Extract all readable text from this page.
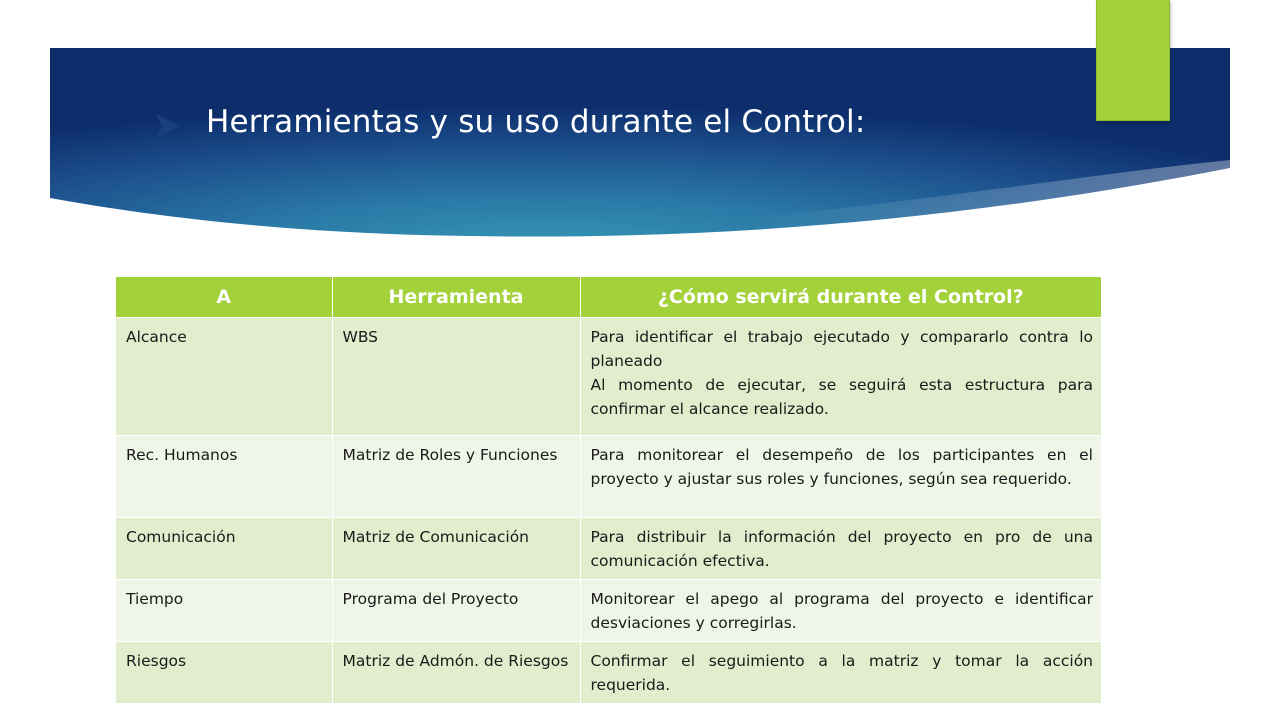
Herramientas y su uso durante el Control:
A	Herramienta	¿Cómo servirá durante el Control?
Alcance	WBS	Para identificar el trabajo ejecutado y compararlo contra lo planeado
Al momento de ejecutar, se seguirá esta estructura para confirmar el alcance realizado.

Rec. Humanos	Matriz de Roles y Funciones	Para monitorear el desempeño de los participantes en el proyecto y ajustar sus roles y funciones, según sea requerido.
Comunicación	Matriz de Comunicación	Para distribuir la información del proyecto en pro de una comunicación efectiva.
Tiempo	Programa del Proyecto	Monitorear el apego al programa del proyecto e identificar desviaciones y corregirlas.
Riesgos	Matriz de Admón. de Riesgos	Confirmar el seguimiento a la matriz y tomar la acción requerida.
